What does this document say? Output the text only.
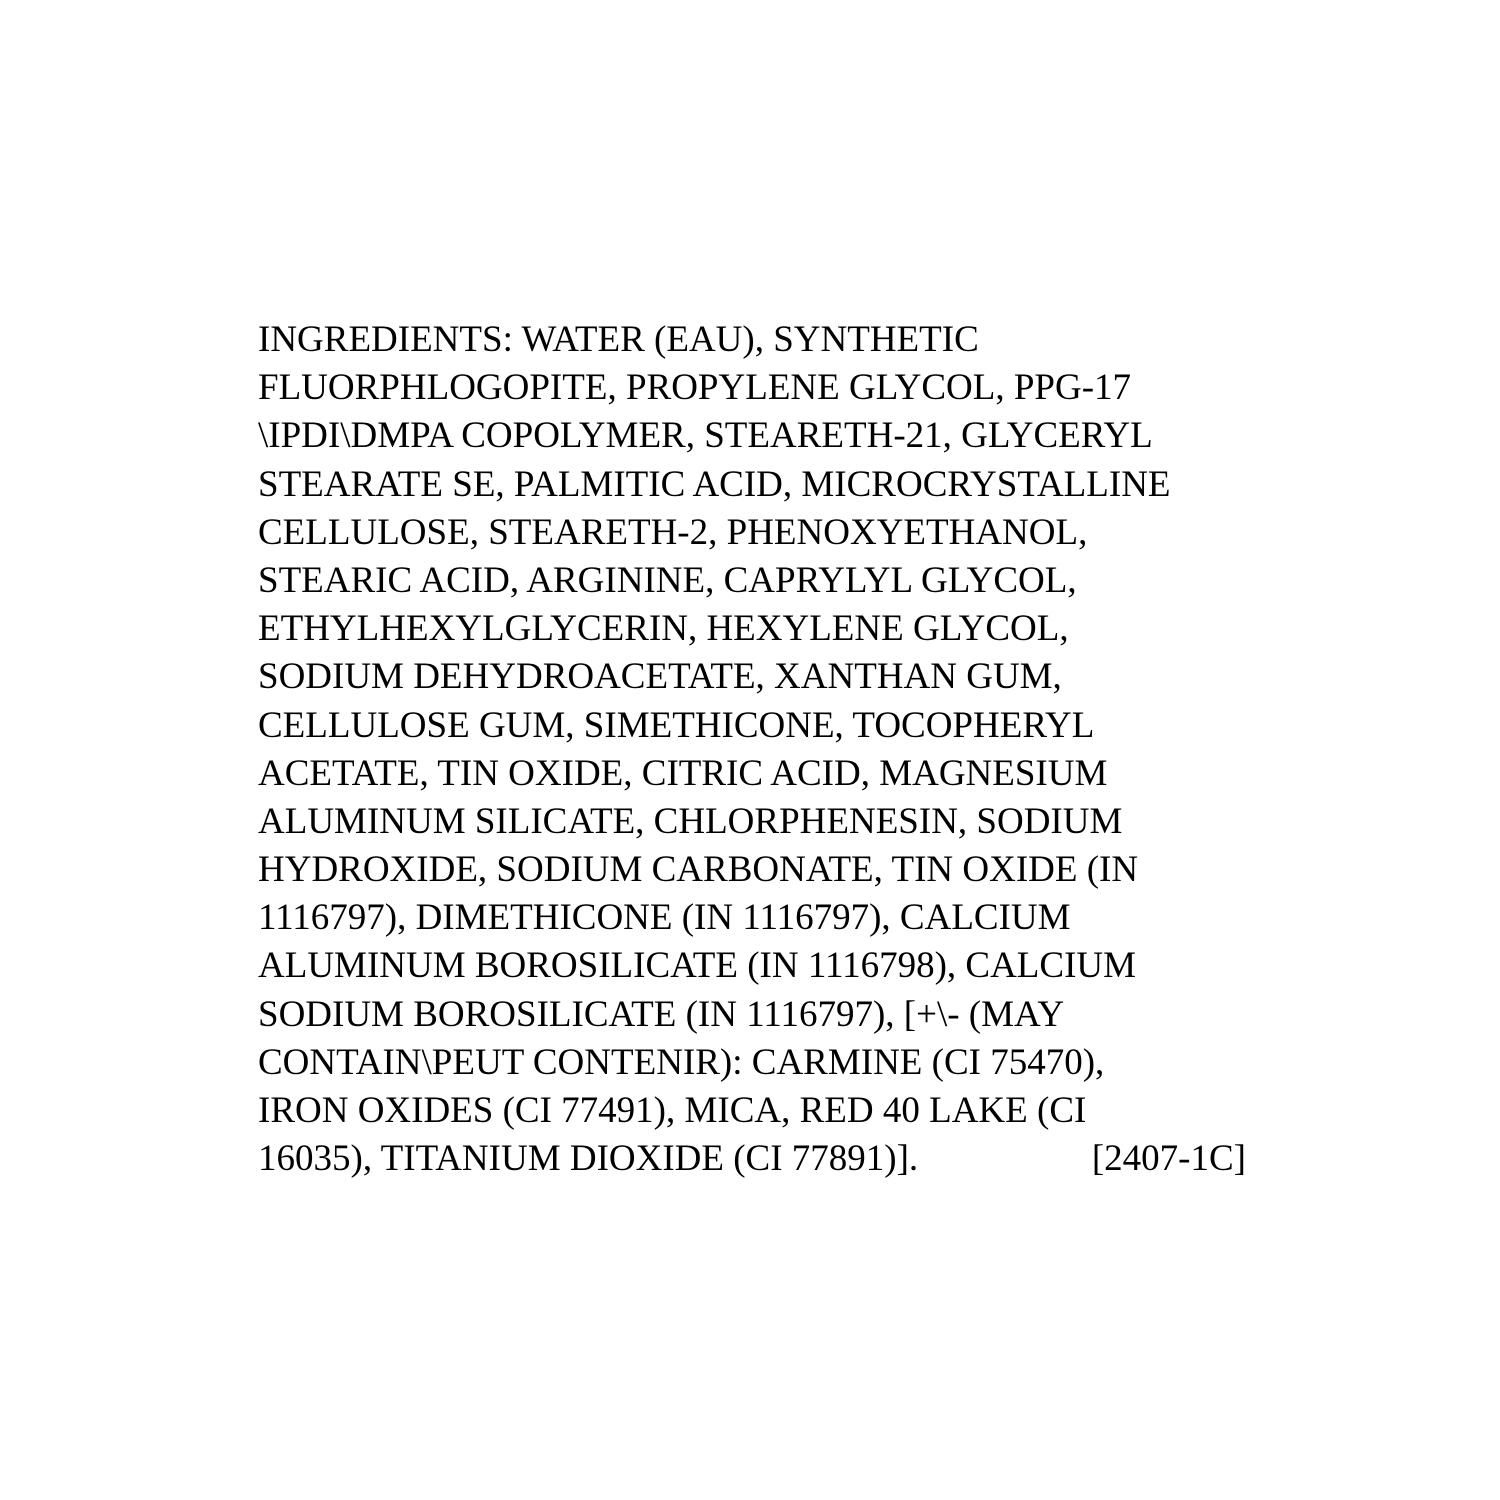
INGREDIENTS: WATER (EAU), SYNTHETIC
FLUORPHLOGOPITE, PROPYLENE GLYCOL, PPG-17
\IPDI\DMPA COPOLYMER, STEARETH-21, GLYCERYL
STEARATE SE, PALMITIC ACID, MICROCRYSTALLINE
CELLULOSE, STEARETH-2, PHENOXYETHANOL,
STEARIC ACID, ARGININE, CAPRYLYL GLYCOL,
ETHYLHEXYLGLYCERIN, HEXYLENE GLYCOL,
SODIUM DEHYDROACETATE, XANTHAN GUM,
CELLULOSE GUM, SIMETHICONE, TOCOPHERYL
ACETATE, TIN OXIDE, CITRIC ACID, MAGNESIUM
ALUMINUM SILICATE, CHLORPHENESIN, SODIUM
HYDROXIDE, SODIUM CARBONATE, TIN OXIDE (IN
1116797), DIMETHICONE (IN 1116797), CALCIUM
ALUMINUM BOROSILICATE (IN 1116798), CALCIUM
SODIUM BOROSILICATE (IN 1116797), [+\- (MAY
CONTAIN\PEUT CONTENIR): CARMINE (CI 75470),
IRON OXIDES (CI 77491), MICA, RED 40 LAKE (CI
16035), TITANIUM DIOXIDE (CI 77891)].	[2407-1C]
